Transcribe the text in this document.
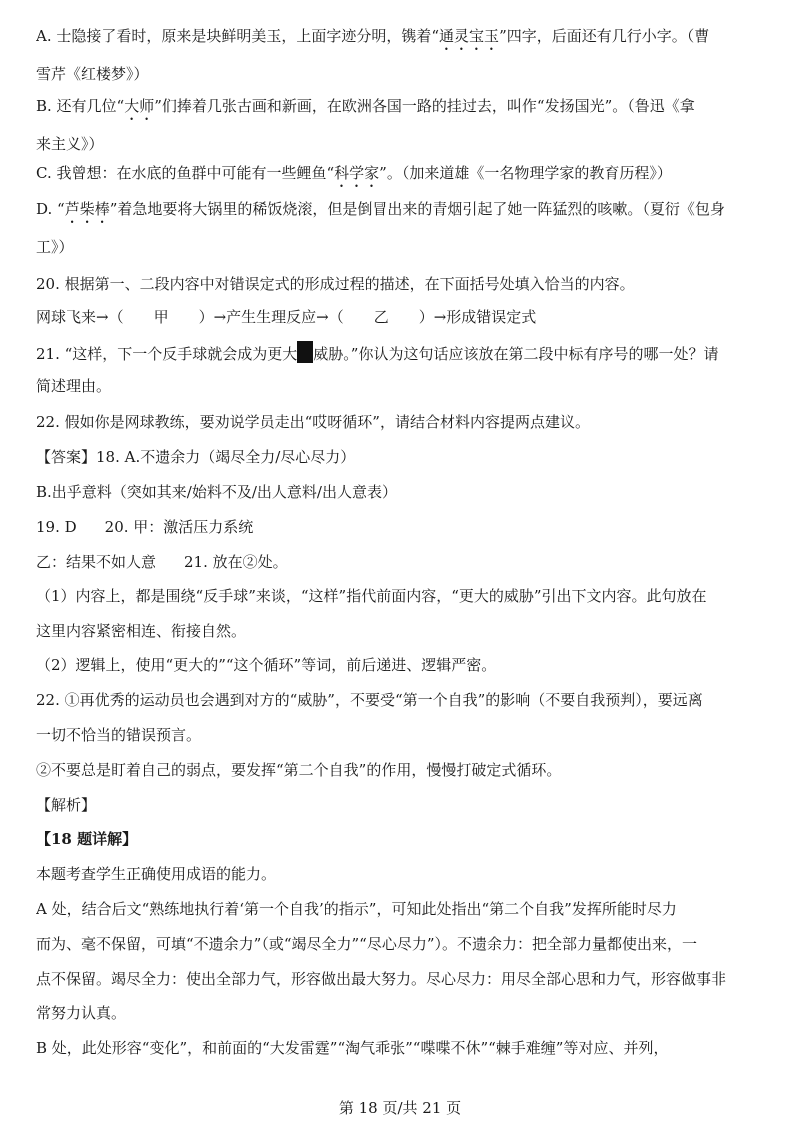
A. 士隐接了看时，原来是块鲜明美玉，上面字迹分明，镌着“通灵宝玉”四字，后面还有几行小字。（曹
雪芹《红楼梦》）
B. 还有几位“大师”们捧着几张古画和新画，在欧洲各国一路的挂过去，叫作“发扬国光”。（鲁迅《拿
来主义》）
C. 我曾想：在水底的鱼群中可能有一些鲤鱼“科学家”。（加来道雄《一名物理学家的教育历程》）
D. “芦柴棒”着急地要将大锅里的稀饭烧滚，但是倒冒出来的青烟引起了她一阵猛烈的咳嗽。（夏衍《包身
工》）
20. 根据第一、二段内容中对错误定式的形成过程的描述，在下面括号处填入恰当的内容。
网球飞来→（　　甲　　）→产生生理反应→（　　乙　　）→形成错误定式
21. “这样，下一个反手球就会成为更大 威胁。”你认为这句话应该放在第二段中标有序号的哪一处？请
简述理由。
22. 假如你是网球教练，要劝说学员走出“哎呀循环”，请结合材料内容提两点建议。
【答案】18. A.不遗余力（竭尽全力/尽心尽力）
B.出乎意料（突如其来/始料不及/出人意料/出人意表）
19. D 20. 甲：激活压力系统
乙：结果不如人意 21. 放在②处。
（1）内容上，都是围绕“反手球”来谈，“这样”指代前面内容，“更大的威胁”引出下文内容。此句放在
这里内容紧密相连、衔接自然。
（2）逻辑上，使用“更大的”“这个循环”等词，前后递进、逻辑严密。
22. ①再优秀的运动员也会遇到对方的“威胁”，不要受“第一个自我”的影响（不要自我预判），要远离
一切不恰当的错误预言。
②不要总是盯着自己的弱点，要发挥“第二个自我”的作用，慢慢打破定式循环。
【解析】
【18 题详解】
本题考查学生正确使用成语的能力。
A 处，结合后文“熟练地执行着‘第一个自我’的指示”，可知此处指出“第二个自我”发挥所能时尽力
而为、毫不保留，可填“不遗余力”（或“竭尽全力”“尽心尽力”）。不遗余力：把全部力量都使出来，一
点不保留。竭尽全力：使出全部力气，形容做出最大努力。尽心尽力：用尽全部心思和力气，形容做事非
常努力认真。
B 处，此处形容“变化”，和前面的“大发雷霆”“淘气乖张”“喋喋不休”“棘手难缠”等对应、并列，
第 18 页/共 21 页
